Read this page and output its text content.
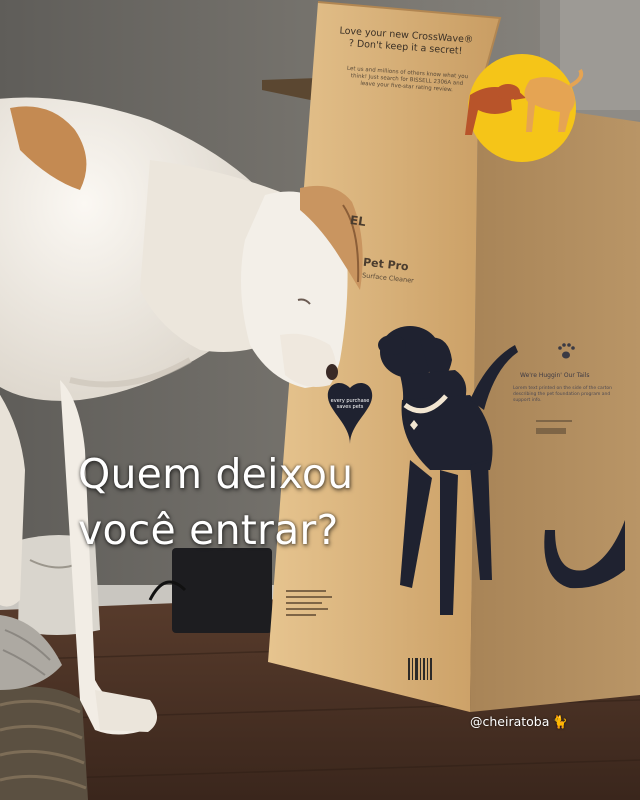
Love your new CrossWave® ? Don't keep it a secret!
Let us and millions of others know what you think! Just search for BISSELL 2306A and leave your five-star rating review.
EL
Pet Pro
Surface Cleaner
every purchase saves pets
We're Huggin' Our Tails
Lorem text printed on the side of the carton describing the pet foundation program and support info.
Quem deixou
você entrar?
@cheiratoba 🐈
